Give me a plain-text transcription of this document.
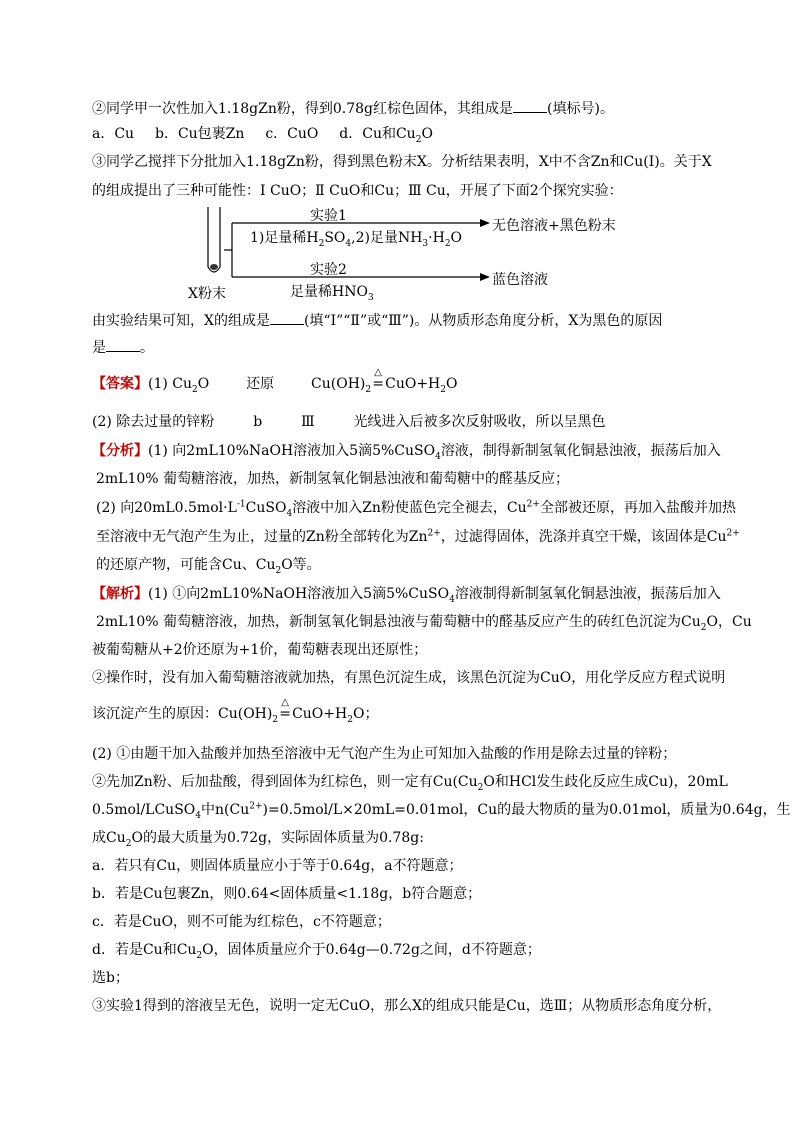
②同学甲一次性加入1.18gZn粉，得到0.78g红棕色固体，其组成是 (填标号)。
a．Cu b．Cu包裹Zn c．CuO d．Cu和$Cu_2O$
③同学乙搅拌下分批加入1.18gZn粉，得到黑色粉末X。分析结果表明，X中不含Zn和Cu(Ⅰ)。关于X
的组成提出了三种可能性：Ⅰ CuO；Ⅱ CuO和Cu；Ⅲ Cu，开展了下面2个探究实验：
实验1
1)足量稀$H_2SO_4,2$)足量$NH_3\cdot H_2O$
无色溶液+黑色粉末
实验2
足量稀$HNO_3$
蓝色溶液
X粉末
由实验结果可知，X的组成是 (填“Ⅰ”“Ⅱ”或“Ⅲ”)。从物质形态角度分析，X为黑色的原因
是 。
【答案】(1) $Cu_2O$	还原	$Cu(OH)_2=$
△
$CuO+H_2O$
(2) 除去过量的锌粉	b	Ⅲ	光线进入后被多次反射吸收，所以呈黑色
【分析】(1) 向2mL10%NaOH溶液加入5滴5%CuSO$_4$溶液，制得新制氢氧化铜悬浊液，振荡后加入
2mL10% 葡萄糖溶液，加热，新制氢氧化铜悬浊液和葡萄糖中的醛基反应；
(2) 向$20mL0.5mol\cdot L^{-1}CuSO_4$溶液中加入Zn粉使蓝色完全褪去，$Cu^{2+}$全部被还原，再加入盐酸并加热
至溶液中无气泡产生为止，过量的Zn粉全部转化为$Zn^{2+}$，过滤得固体，洗涤并真空干燥，该固体是$Cu^{2+}$
的还原产物，可能含Cu、$Cu_2O$等。
【解析】(1) ①向2mL10%NaOH溶液加入5滴5%CuSO$_4$溶液制得新制氢氧化铜悬浊液，振荡后加入
2mL10% 葡萄糖溶液，加热，新制氢氧化铜悬浊液与葡萄糖中的醛基反应产生的砖红色沉淀为$Cu_2O$，Cu
被葡萄糖从+2价还原为+1价，葡萄糖表现出还原性；
②操作时，没有加入葡萄糖溶液就加热，有黑色沉淀生成，该黑色沉淀为CuO，用化学反应方程式说明
该沉淀产生的原因：$Cu(OH)_2=$
△
$CuO+H_2O$；
(2) ①由题干加入盐酸并加热至溶液中无气泡产生为止可知加入盐酸的作用是除去过量的锌粉；
②先加Zn粉、后加盐酸，得到固体为红棕色，则一定有$Cu(Cu_2O$和HCl发生歧化反应生成Cu)，20mL
0.5mol/LCuSO$_4$中$n(Cu^{2+})=0.5mol/L\times 20mL=0.01mol$，Cu的最大物质的量为0.01mol，质量为0.64g，生
成$Cu_2O$的最大质量为0.72g，实际固体质量为0.78g:
a．若只有Cu，则固体质量应小于等于0.64g，a不符题意；
b．若是Cu包裹Zn，则0.64<固体质量<1.18g，b符合题意；
c．若是CuO，则不可能为红棕色，c不符题意；
d．若是Cu和$Cu_2O$，固体质量应介于0.64g—0.72g之间，d不符题意；
选b；
③实验1得到的溶液呈无色，说明一定无CuO，那么X的组成只能是Cu，选Ⅲ；从物质形态角度分析，
